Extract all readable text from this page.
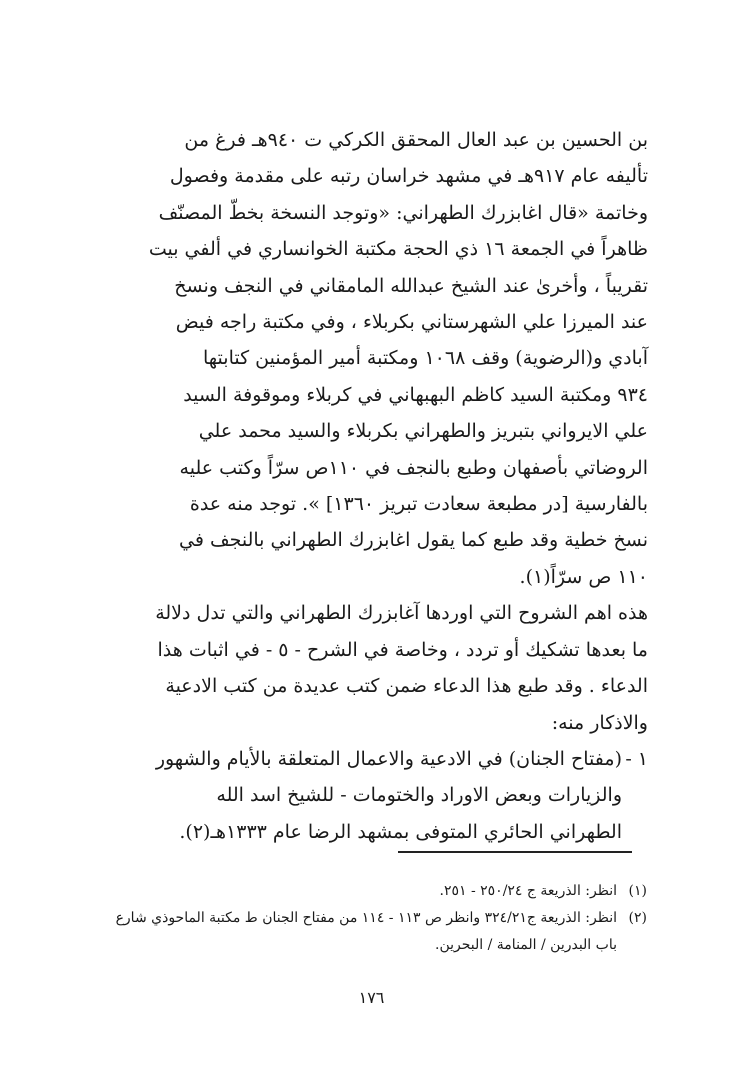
بن الحسين بن عبد العال المحقق الكركي ت ٩٤٠هـ فرغ من
تأليفه عام ٩١٧هـ في مشهد خراسان رتبه على مقدمة وفصول
وخاتمة «قال اغابزرك الطهراني: «وتوجد النسخة بخطّ المصنّف
ظاهراً في الجمعة ١٦ ذي الحجة مكتبة الخوانساري في ألفي بيت
تقريباً ، وأخرىٰ عند الشيخ عبدالله المامقاني في النجف ونسخ
عند الميرزا علي الشهرستاني بكربلاء ، وفي مكتبة راجه فيض
آبادي و(الرضوية) وقف ١٠٦٨ ومكتبة أمير المؤمنين كتابتها
٩٣٤ ومكتبة السيد كاظم البهبهاني في كربلاء وموقوفة السيد
علي الايرواني بتبريز والطهراني بكربلاء والسيد محمد علي
الروضاتي بأصفهان وطبع بالنجف في ١١٠ص سرّاً وكتب عليه
بالفارسية [در مطبعة سعادت تبريز ١٣٦٠] ». توجد منه عدة
نسخ خطية وقد طبع كما يقول اغابزرك الطهراني بالنجف في
١١٠ ص سرّاً(١).
هذه اهم الشروح التي اوردها آغابزرك الطهراني والتي تدل دلالة
ما بعدها تشكيك أو تردد ، وخاصة في الشرح - ٥ - في اثبات هذا
الدعاء . وقد طبع هذا الدعاء ضمن كتب عديدة من كتب الادعية
والاذكار منه:
١ -
(مفتاح الجنان) في الادعية والاعمال المتعلقة بالأيام والشهور
والزيارات وبعض الاوراد والختومات - للشيخ اسد الله
الطهراني الحائري المتوفى بمشهد الرضا عام ١٣٣٣هـ(٢).
(١)
انظر: الذريعة ج ٢٥٠/٢٤ - ٢٥١.
(٢)
انظر: الذريعة ج٣٢٤/٢١ وانظر ص ١١٣ - ١١٤ من مفتاح الجنان ط مكتبة الماحوذي شارع باب البدرين / المنامة / البحرين.
١٧٦
